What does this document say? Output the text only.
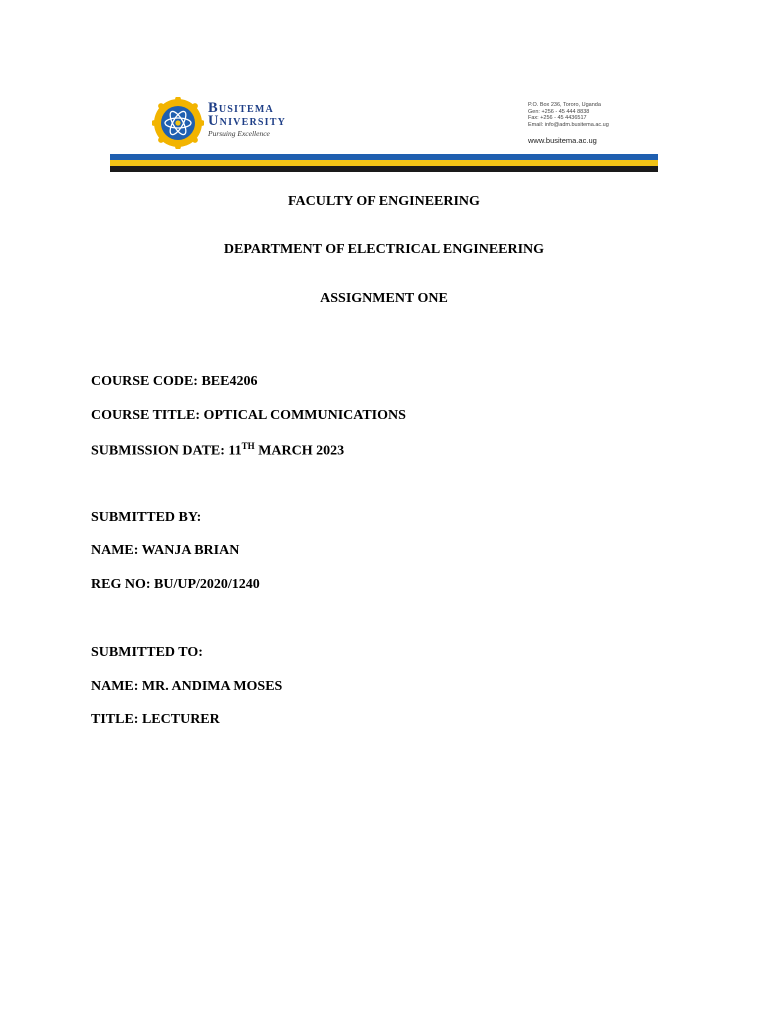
Busitema
University
Pursuing Excellence
P.O. Box 236, Tororo, Uganda
Gen: +256 - 45 444 8838
Fax: +256 - 45 4436517
Email: info@adm.busitema.ac.ug
www.busitema.ac.ug
FACULTY OF ENGINEERING
DEPARTMENT OF ELECTRICAL ENGINEERING
ASSIGNMENT ONE
COURSE CODE: BEE4206
COURSE TITLE: OPTICAL COMMUNICATIONS
SUBMISSION DATE: 11TH MARCH 2023
SUBMITTED BY:
NAME: WANJA BRIAN
REG NO: BU/UP/2020/1240
SUBMITTED TO:
NAME: MR. ANDIMA MOSES
TITLE: LECTURER
